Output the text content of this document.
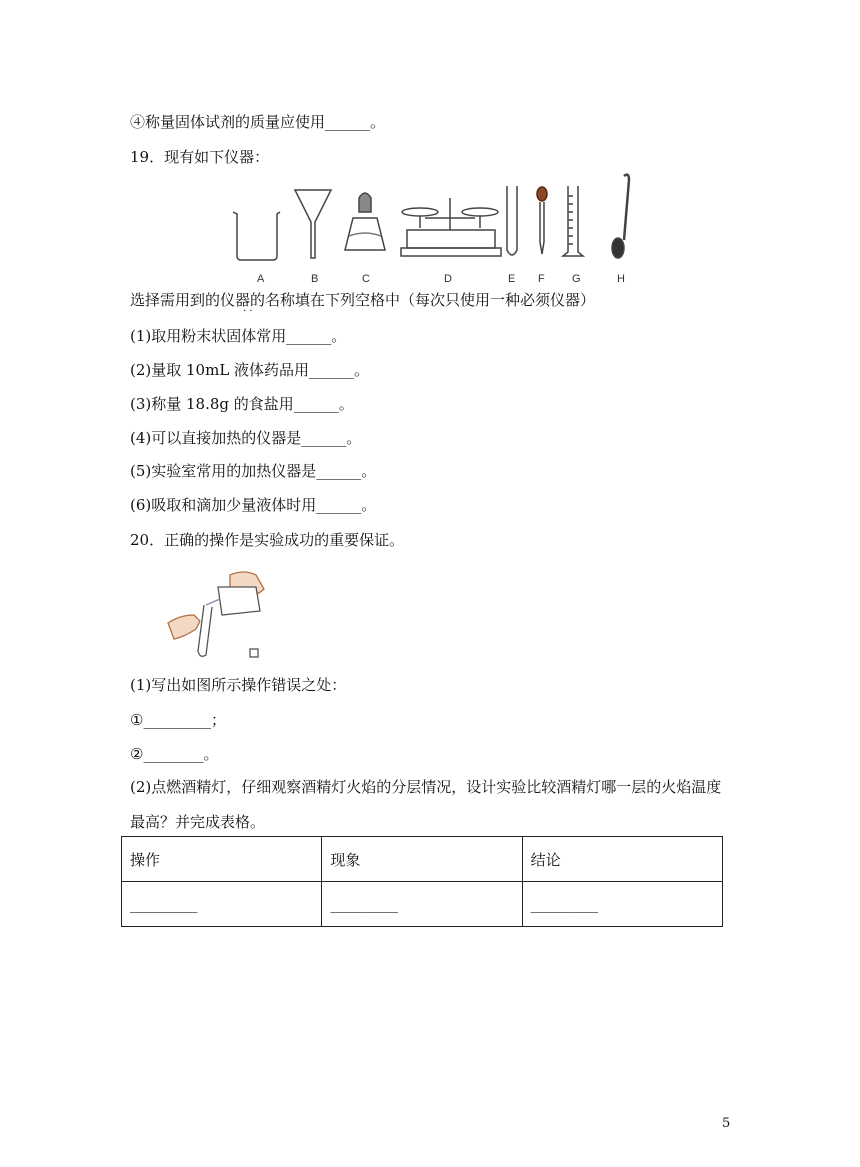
④称量固体试剂的质量应使用______。
19．现有如下仪器：
A	B	C	D	E F G	H
选择需用到的仪器的名称填在下列空格中（每次只使用一种必须仪器）
· ·
(1)取用粉末状固体常用______。
(2)量取 10mL 液体药品用______。
(3)称量 18.8g 的食盐用______。
(4)可以直接加热的仪器是______。
(5)实验室常用的加热仪器是______。
(6)吸取和滴加少量液体时用______。
20．正确的操作是实验成功的重要保证。
(1)写出如图所示操作错误之处：
①_________；
②________。
(2)点燃酒精灯，仔细观察酒精灯火焰的分层情况，设计实验比较酒精灯哪一层的火焰温度
最高？并完成表格。
操作	现象	结论
_________	_________	_________
5
